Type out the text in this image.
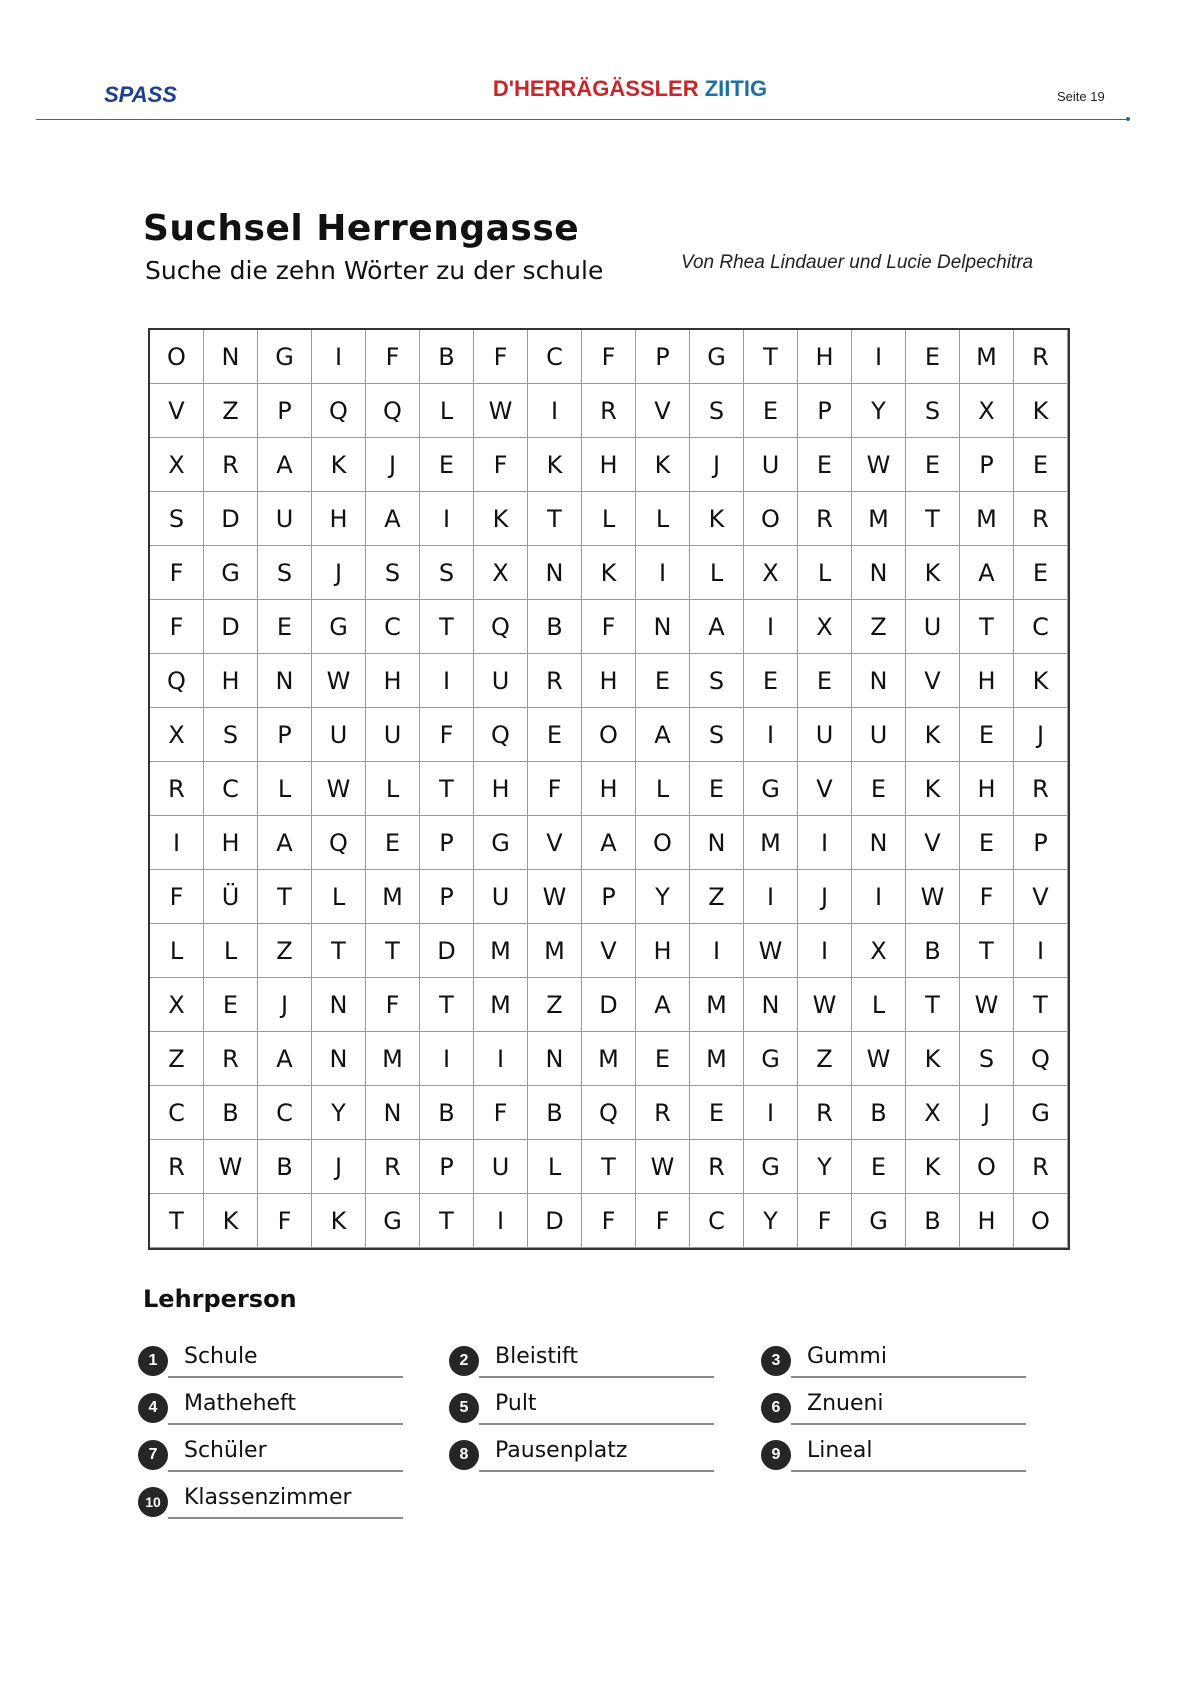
SPASS	D'HERRÄGÄSSLER ZIITIG	Seite 19
Suchsel Herrengasse
Suche die zehn Wörter zu der schule	Von Rhea Lindauer und Lucie Delpechitra
O	N	G	I	F	B	F	C	F	P	G	T	H	I	E	M	R
V	Z	P	Q	Q	L	W	I	R	V	S	E	P	Y	S	X	K
X	R	A	K	J	E	F	K	H	K	J	U	E	W	E	P	E
S	D	U	H	A	I	K	T	L	L	K	O	R	M	T	M	R
F	G	S	J	S	S	X	N	K	I	L	X	L	N	K	A	E
F	D	E	G	C	T	Q	B	F	N	A	I	X	Z	U	T	C
Q	H	N	W	H	I	U	R	H	E	S	E	E	N	V	H	K
X	S	P	U	U	F	Q	E	O	A	S	I	U	U	K	E	J
R	C	L	W	L	T	H	F	H	L	E	G	V	E	K	H	R
I	H	A	Q	E	P	G	V	A	O	N	M	I	N	V	E	P
F	Ü	T	L	M	P	U	W	P	Y	Z	I	J	I	W	F	V
L	L	Z	T	T	D	M	M	V	H	I	W	I	X	B	T	I
X	E	J	N	F	T	M	Z	D	A	M	N	W	L	T	W	T
Z	R	A	N	M	I	I	N	M	E	M	G	Z	W	K	S	Q
C	B	C	Y	N	B	F	B	Q	R	E	I	R	B	X	J	G
R	W	B	J	R	P	U	L	T	W	R	G	Y	E	K	O	R
T	K	F	K	G	T	I	D	F	F	C	Y	F	G	B	H	O
Lehrperson
1	Schule	2	Bleistift	3	Gummi
4	Matheheft	5	Pult	6	Znueni
7	Schüler	8	Pausenplatz	9	Lineal
10	Klassenzimmer
